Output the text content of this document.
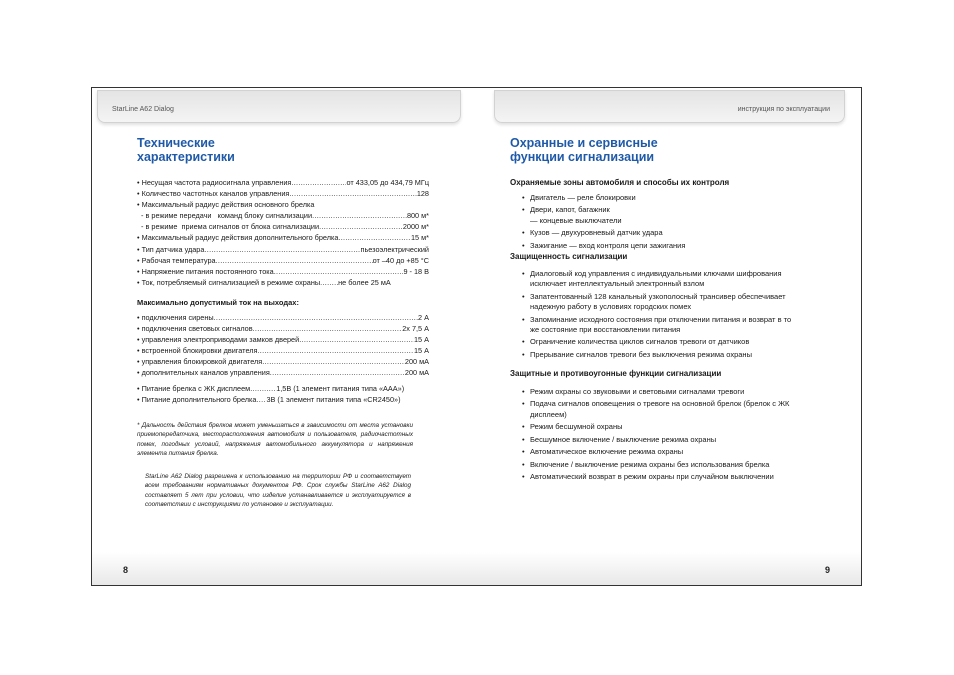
StarLine A62 Dialog
Технические
характеристики
• Несущая частота радиосигнала управления .....	от 433,05 до 434,79 МГц
• Количество частотных каналов управления .....	128
• Максимальный радиус действия основного брелка
- в режиме передачи   команд блоку сигнализации .....	800 м*
- в режиме  приема сигналов от блока сигнализации .....	2000 м*
• Максимальный радиус действия дополнительного брелка .....	15 м*
• Тип датчика удара .....	пьезоэлектрический
• Рабочая температура .....	от –40 до +85 °С
• Напряжение питания постоянного тока .....	9 - 18 В
• Ток, потребляемый сигнализацией в режиме охраны ..... не более 25 мА
Максимально допустимый ток на выходах:
• подключения сирены .....	2 А
• подключения световых сигналов .....	2х 7,5 А
• управления электроприводами замков дверей .....	15 А
• встроенной блокировки двигателя .....	15 А
• управления блокировкой двигателя .....	200 мА
• дополнительных каналов управления .....	200 мА
• Питание брелка с ЖК дисплеем .....	1,5В (1 элемент питания типа «ААА»)
• Питание дополнительного брелка ..... 3В (1 элемент питания типа «CR2450»)
* Дальность действия брелков может уменьшаться в зависимости от места установки приемопередатчика, месторасположения автомобиля и пользователя, радиочастотных помех, погодных условий, напряжения автомобильного аккумулятора и напряжения элемента питания брелка.
StarLine A62 Dialog разрешена к использованию на территории РФ и соответствует всем требованиям нормативных документов РФ. Срок службы StarLine A62 Dialog составляет 5 лет при условии, что изделие устанавливается и эксплуатируется в соответствии с инструкциями по установке и эксплуатации.
8
инструкция по эксплуатации
Охранные и сервисные
функции сигнализации
Охраняемые зоны автомобиля и способы их контроля
• Двигатель — реле блокировки
• Двери, капот, багажник
— концевые выключатели
• Кузов — двухуровневый датчик удара
• Зажигание — вход контроля цепи зажигания
Защищенность сигнализации
• Диалоговый код управления с индивидуальными ключами шифрования исключает интеллектуальный электронный взлом
• Запатентованный 128 канальный узкополосный трансивер обеспечивает надежную работу в условиях городских помех
• Запоминание исходного состояния при отключении питания и возврат в то же состояние при восстановлении питания
• Ограничение количества циклов сигналов тревоги от датчиков
• Прерывание сигналов тревоги без выключения режима охраны
Защитные и противоугонные функции сигнализации
• Режим охраны со звуковыми и световыми сигналами тревоги
• Подача сигналов оповещения о тревоге на основной брелок (брелок с ЖК дисплеем)
• Режим бесшумной охраны
• Бесшумное включение / выключение режима охраны
• Автоматическое включение режима охраны
• Включение / выключение режима охраны без использования брелка
• Автоматический возврат в режим охраны при случайном выключении
9
